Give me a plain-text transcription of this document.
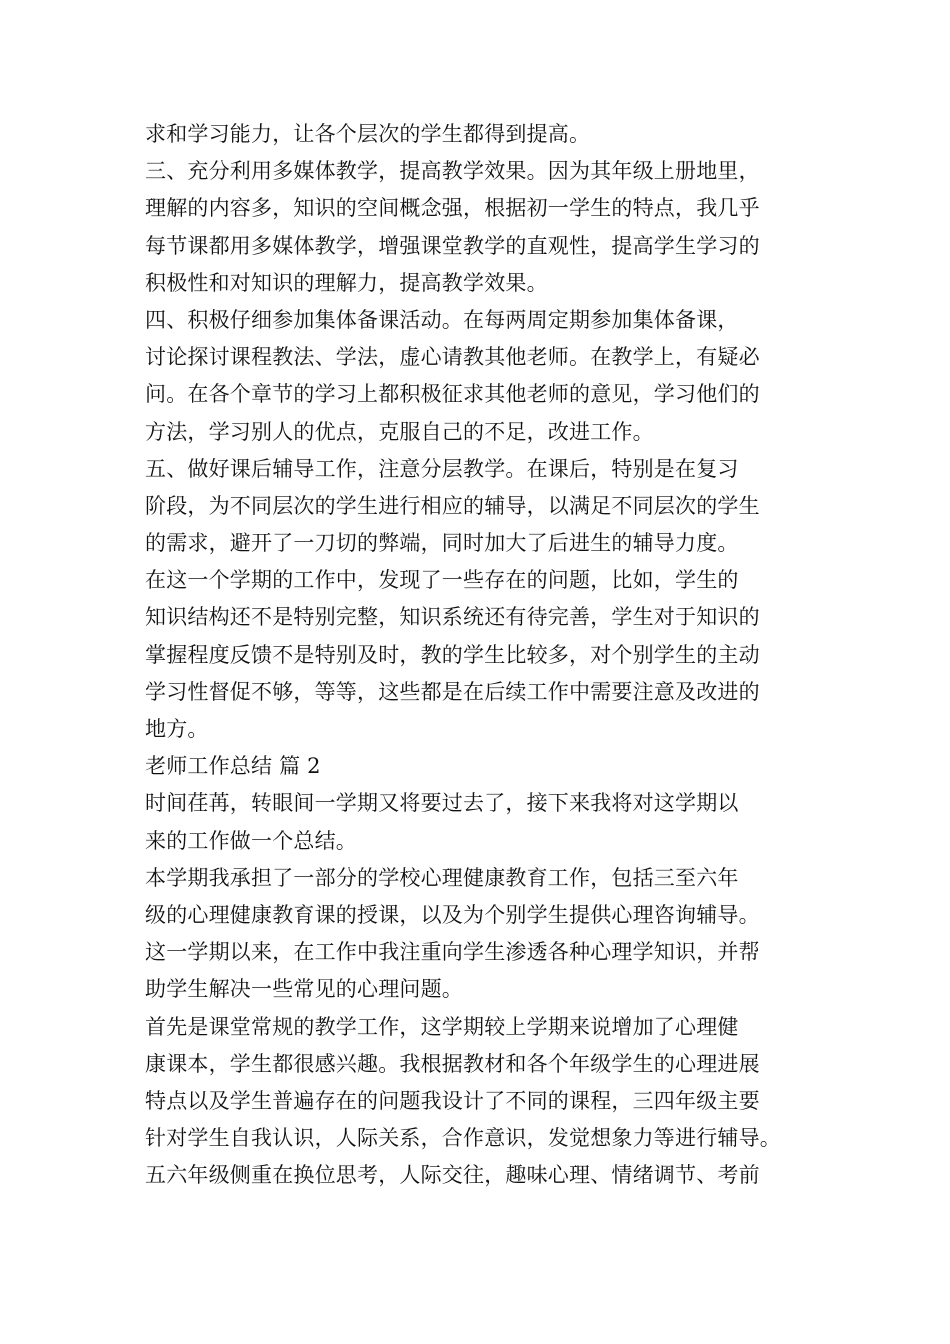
求和学习能力，让各个层次的学生都得到提高。
三、充分利用多媒体教学，提高教学效果。因为其年级上册地里，
理解的内容多，知识的空间概念强，根据初一学生的特点，我几乎
每节课都用多媒体教学，增强课堂教学的直观性，提高学生学习的
积极性和对知识的理解力，提高教学效果。
四、积极仔细参加集体备课活动。在每两周定期参加集体备课，
讨论探讨课程教法、学法，虚心请教其他老师。在教学上，有疑必
问。在各个章节的学习上都积极征求其他老师的意见，学习他们的
方法，学习别人的优点，克服自己的不足，改进工作。
五、做好课后辅导工作，注意分层教学。在课后，特别是在复习
阶段，为不同层次的学生进行相应的辅导，以满足不同层次的学生
的需求，避开了一刀切的弊端，同时加大了后进生的辅导力度。
在这一个学期的工作中，发现了一些存在的问题，比如，学生的
知识结构还不是特别完整，知识系统还有待完善，学生对于知识的
掌握程度反馈不是特别及时，教的学生比较多，对个别学生的主动
学习性督促不够，等等，这些都是在后续工作中需要注意及改进的
地方。
老师工作总结 篇 2
时间荏苒，转眼间一学期又将要过去了，接下来我将对这学期以
来的工作做一个总结。
本学期我承担了一部分的学校心理健康教育工作，包括三至六年
级的心理健康教育课的授课，以及为个别学生提供心理咨询辅导。
这一学期以来，在工作中我注重向学生渗透各种心理学知识，并帮
助学生解决一些常见的心理问题。
首先是课堂常规的教学工作，这学期较上学期来说增加了心理健
康课本，学生都很感兴趣。我根据教材和各个年级学生的心理进展
特点以及学生普遍存在的问题我设计了不同的课程，三四年级主要
针对学生自我认识，人际关系，合作意识，发觉想象力等进行辅导。
五六年级侧重在换位思考，人际交往，趣味心理、情绪调节、考前
